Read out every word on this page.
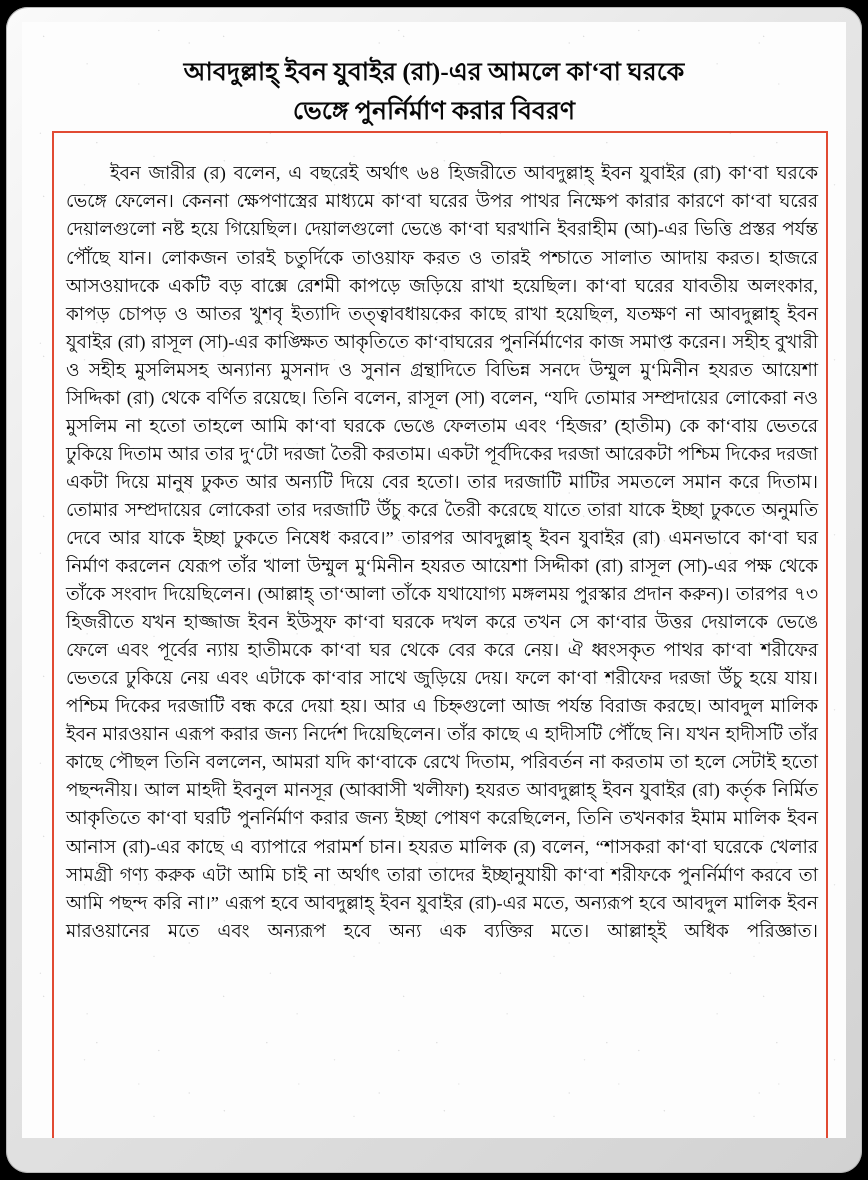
আবদুল্লাহ্‌ ইবন যুবাইর (রা)-এর আমলে কা‘বা ঘরকে
ভেঙ্গে পুনর্নির্মাণ করার বিবরণ

ইবন জারীর (র) বলেন, এ বছরেই অর্থাৎ ৬৪ হিজরীতে আবদুল্লাহ্‌ ইবন যুবাইর (রা) কা‘বা ঘরকে ভেঙ্গে ফেলেন। কেননা ক্ষেপণাস্ত্রের মাধ্যমে কা‘বা ঘরের উপর পাথর নিক্ষেপ কারার কারণে কা‘বা ঘরের দেয়ালগুলো নষ্ট হয়ে গিয়েছিল। দেয়ালগুলো ভেঙে কা‘বা ঘরখানি ইবরাহীম (আ)-এর ভিত্তি প্রস্তর পর্যন্ত পৌঁছে যান। লোকজন তারই চতুর্দিকে তাওয়াফ করত ও তারই পশ্চাতে সালাত আদায় করত। হাজরে আসওয়াদকে একটি বড় বাক্সে রেশমী কাপড়ে জড়িয়ে রাখা হয়েছিল। কা‘বা ঘরের যাবতীয় অলংকার, কাপড় চোপড় ও আতর খুশবৃ ইত্যাদি তত্ত্বাবধায়কের কাছে রাখা হয়েছিল, যতক্ষণ না আবদুল্লাহ্‌ ইবন যুবাইর (রা) রাসূল (সা)-এর কাঙ্ক্ষিত আকৃতিতে কা‘বাঘরের পুনর্নির্মাণের কাজ সমাপ্ত করেন। সহীহ বুখারী ও সহীহ মুসলিমসহ অন্যান্য মুসনাদ ও সুনান গ্রন্থাদিতে বিভিন্ন সনদে উম্মুল মু‘মিনীন হযরত আয়েশা সিদ্দিকা (রা) থেকে বর্ণিত রয়েছে। তিনি বলেন, রাসূল (সা) বলেন, “যদি তোমার সম্প্রদায়ের লোকেরা নও মুসলিম না হতো তাহলে আমি কা‘বা ঘরকে ভেঙে ফেলতাম এবং ‘হিজর’ (হাতীম) কে কা‘বায় ভেতরে ঢুকিয়ে দিতাম আর তার দু‘টো দরজা তৈরী করতাম। একটা পূর্বদিকের দরজা আরেকটা পশ্চিম দিকের দরজা একটা দিয়ে মানুষ ঢুকত আর অন্যটি দিয়ে বের হতো। তার দরজাটি মাটির সমতলে সমান করে দিতাম। তোমার সম্প্রদায়ের লোকেরা তার দরজাটি উঁচু করে তৈরী করেছে যাতে তারা যাকে ইচ্ছা ঢুকতে অনুমতি দেবে আর যাকে ইচ্ছা ঢুকতে নিষেধ করবে।” তারপর আবদুল্লাহ্‌ ইবন যুবাইর (রা) এমনভাবে কা‘বা ঘর নির্মাণ করলেন যেরূপ তাঁর খালা উম্মুল মু‘মিনীন হযরত আয়েশা সিদ্দীকা (রা) রাসূল (সা)-এর পক্ষ থেকে তাঁকে সংবাদ দিয়েছিলেন। (আল্লাহ্‌ তা‘আলা তাঁকে যথাযোগ্য মঙ্গলময় পুরস্কার প্রদান করুন)। তারপর ৭৩ হিজরীতে যখন হাজ্জাজ ইবন ইউসুফ কা‘বা ঘরকে দখল করে তখন সে কা‘বার উত্তর দেয়ালকে ভেঙে ফেলে এবং পূর্বের ন্যায় হাতীমকে কা‘বা ঘর থেকে বের করে নেয়। ঐ ধ্বংসকৃত পাথর কা‘বা শরীফের ভেতরে ঢুকিয়ে নেয় এবং এটাকে কা‘বার সাথে জুড়িয়ে দেয়। ফলে কা‘বা শরীফের দরজা উঁচু হয়ে যায়। পশ্চিম দিকের দরজাটি বন্ধ করে দেয়া হয়। আর এ চিহ্নগুলো আজ পর্যন্ত বিরাজ করছে। আবদুল মালিক ইবন মারওয়ান এরূপ করার জন্য নির্দেশ দিয়েছিলেন। তাঁর কাছে এ হাদীসটি পৌঁছে নি। যখন হাদীসটি তাঁর কাছে পৌছল তিনি বললেন, আমরা যদি কা‘বাকে রেখে দিতাম, পরিবর্তন না করতাম তা হলে সেটাই হতো পছন্দনীয়। আল মাহদী ইবনুল মানসূর (আব্বাসী খলীফা) হযরত আবদুল্লাহ্‌ ইবন যুবাইর (রা) কর্তৃক নির্মিত আকৃতিতে কা‘বা ঘরটি পুনর্নির্মাণ করার জন্য ইচ্ছা পোষণ করেছিলেন, তিনি তখনকার ইমাম মালিক ইবন আনাস (রা)-এর কাছে এ ব্যাপারে পরামর্শ চান। হযরত মালিক (র) বলেন, “শাসকরা কা‘বা ঘরেকে খেলার সামগ্রী গণ্য করুক এটা আমি চাই না অর্থাৎ তারা তাদের ইচ্ছানুযায়ী কা‘বা শরীফকে পুনর্নির্মাণ করবে তা আমি পছন্দ করি না।” এরূপ হবে আবদুল্লাহ্‌ ইবন যুবাইর (রা)-এর মতে, অন্যরূপ হবে আবদুল মালিক ইবন মারওয়ানের মতে এবং অন্যরূপ হবে অন্য এক ব্যক্তির মতে। আল্লাহ্‌ই অধিক পরিজ্ঞাত।
